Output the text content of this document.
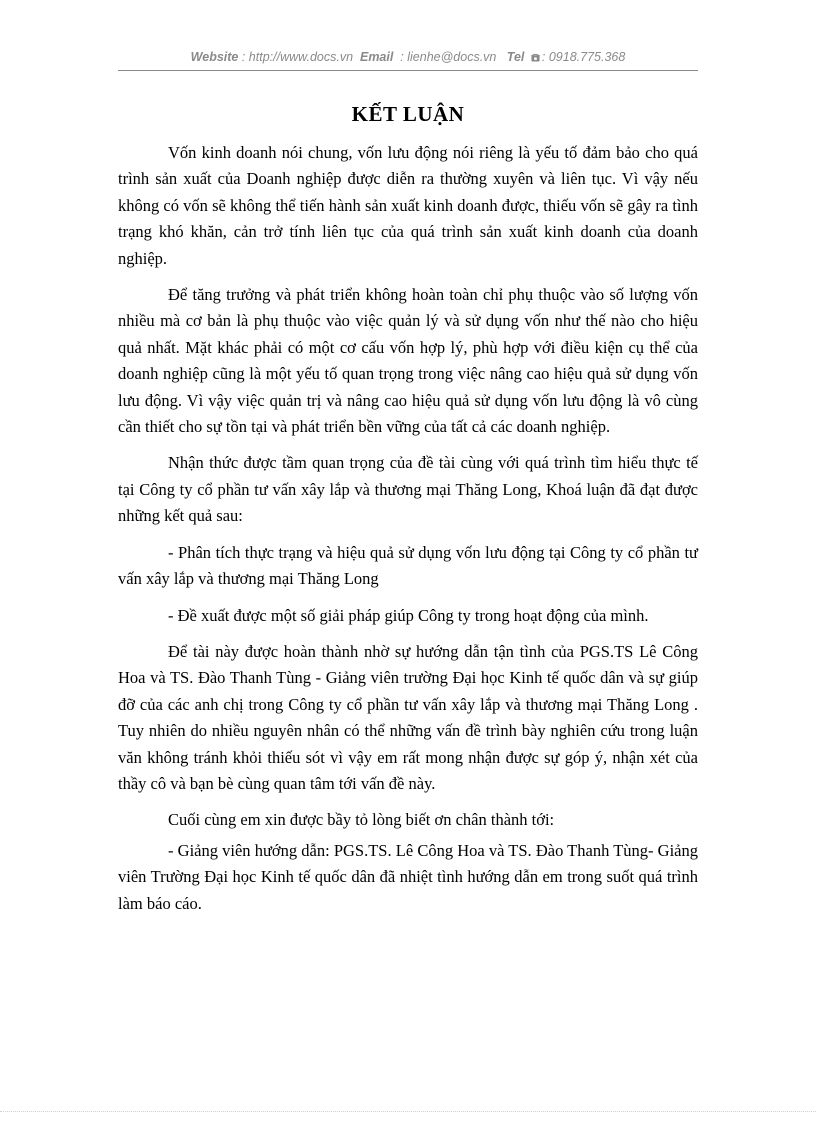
Website : http://www.docs.vn Email : lienhe@docs.vn Tel : 0918.775.368
KẾT LUẬN

Vốn kinh doanh nói chung, vốn lưu động nói riêng là yếu tố đảm bảo cho quá trình sản xuất của Doanh nghiệp được diễn ra thường xuyên và liên tục. Vì vậy nếu không có vốn sẽ không thể tiến hành sản xuất kinh doanh được, thiếu vốn sẽ gây ra tình trạng khó khăn, cản trở tính liên tục của quá trình sản xuất kinh doanh của doanh nghiệp.

Để tăng trưởng và phát triển không hoàn toàn chỉ phụ thuộc vào số lượng vốn nhiều mà cơ bản là phụ thuộc vào việc quản lý và sử dụng vốn như thế nào cho hiệu quả nhất. Mặt khác phải có một cơ cấu vốn hợp lý, phù hợp với điều kiện cụ thể của doanh nghiệp cũng là một yếu tố quan trọng trong việc nâng cao hiệu quả sử dụng vốn lưu động. Vì vậy việc quản trị và nâng cao hiệu quả sử dụng vốn lưu động là vô cùng cần thiết cho sự tồn tại và phát triển bền vững của tất cả các doanh nghiệp.

Nhận thức được tầm quan trọng của đề tài cùng với quá trình tìm hiểu thực tế tại Công ty cổ phần tư vấn xây lắp và thương mại Thăng Long, Khoá luận đã đạt được những kết quả sau:

- Phân tích thực trạng và hiệu quả sử dụng vốn lưu động tại Công ty cổ phần tư vấn xây lắp và thương mại Thăng Long

- Đề xuất được một số giải pháp giúp Công ty trong hoạt động của mình.

Để tài này được hoàn thành nhờ sự hướng dẫn tận tình của PGS.TS Lê Công Hoa và TS. Đào Thanh Tùng - Giảng viên trường Đại học Kinh tế quốc dân và sự giúp đỡ của các anh chị trong Công ty cổ phần tư vấn xây lắp và thương mại Thăng Long . Tuy nhiên do nhiều nguyên nhân có thể những vấn đề trình bày nghiên cứu trong luận văn không tránh khỏi thiếu sót vì vậy em rất mong nhận được sự góp ý, nhận xét của thầy cô và bạn bè cùng quan tâm tới vấn đề này.

Cuối cùng em xin được bầy tỏ lòng biết ơn chân thành tới:

- Giảng viên hướng dẫn: PGS.TS. Lê Công Hoa và TS. Đào Thanh Tùng- Giảng viên Trường Đại học Kinh tế quốc dân đã nhiệt tình hướng dẫn em trong suốt quá trình làm báo cáo.
